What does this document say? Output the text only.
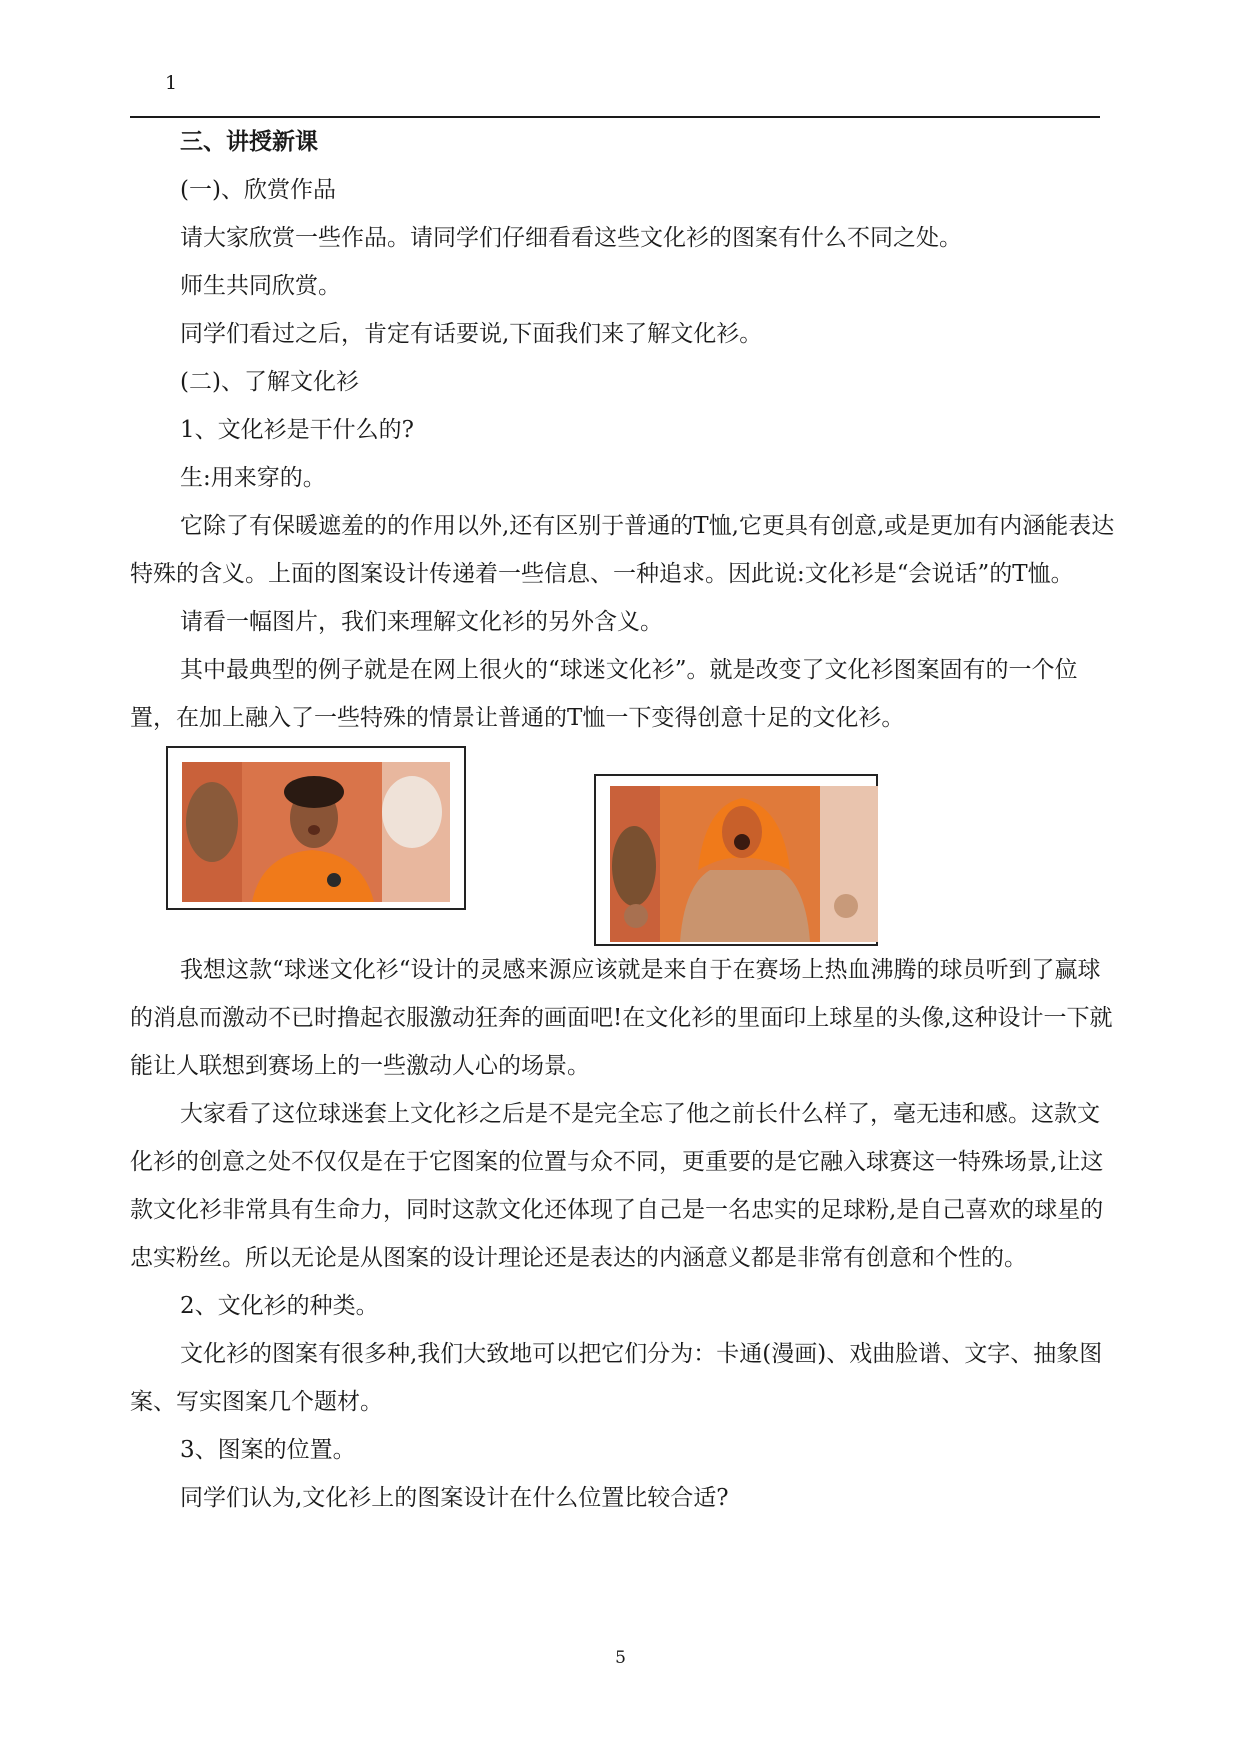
1

三、讲授新课

(一)、欣赏作品

请大家欣赏一些作品。请同学们仔细看看这些文化衫的图案有什么不同之处。

师生共同欣赏。

同学们看过之后，肯定有话要说,下面我们来了解文化衫。

(二)、了解文化衫

1、文化衫是干什么的?

生:用来穿的。

它除了有保暖遮羞的的作用以外,还有区别于普通的T恤,它更具有创意,或是更加有内涵能表达特殊的含义。上面的图案设计传递着一些信息、一种追求。因此说:文化衫是“会说话”的T恤。

请看一幅图片，我们来理解文化衫的另外含义。

其中最典型的例子就是在网上很火的“球迷文化衫”。就是改变了文化衫图案固有的一个位置，在加上融入了一些特殊的情景让普通的T恤一下变得创意十足的文化衫。

我想这款“球迷文化衫“设计的灵感来源应该就是来自于在赛场上热血沸腾的球员听到了赢球的消息而激动不已时撸起衣服激动狂奔的画面吧!在文化衫的里面印上球星的头像,这种设计一下就能让人联想到赛场上的一些激动人心的场景。

大家看了这位球迷套上文化衫之后是不是完全忘了他之前长什么样了，毫无违和感。这款文化衫的创意之处不仅仅是在于它图案的位置与众不同，更重要的是它融入球赛这一特殊场景,让这款文化衫非常具有生命力，同时这款文化还体现了自己是一名忠实的足球粉,是自己喜欢的球星的忠实粉丝。所以无论是从图案的设计理论还是表达的内涵意义都是非常有创意和个性的。

2、文化衫的种类。

文化衫的图案有很多种,我们大致地可以把它们分为：卡通(漫画)、戏曲脸谱、文字、抽象图案、写实图案几个题材。

3、图案的位置。

同学们认为,文化衫上的图案设计在什么位置比较合适?

5
